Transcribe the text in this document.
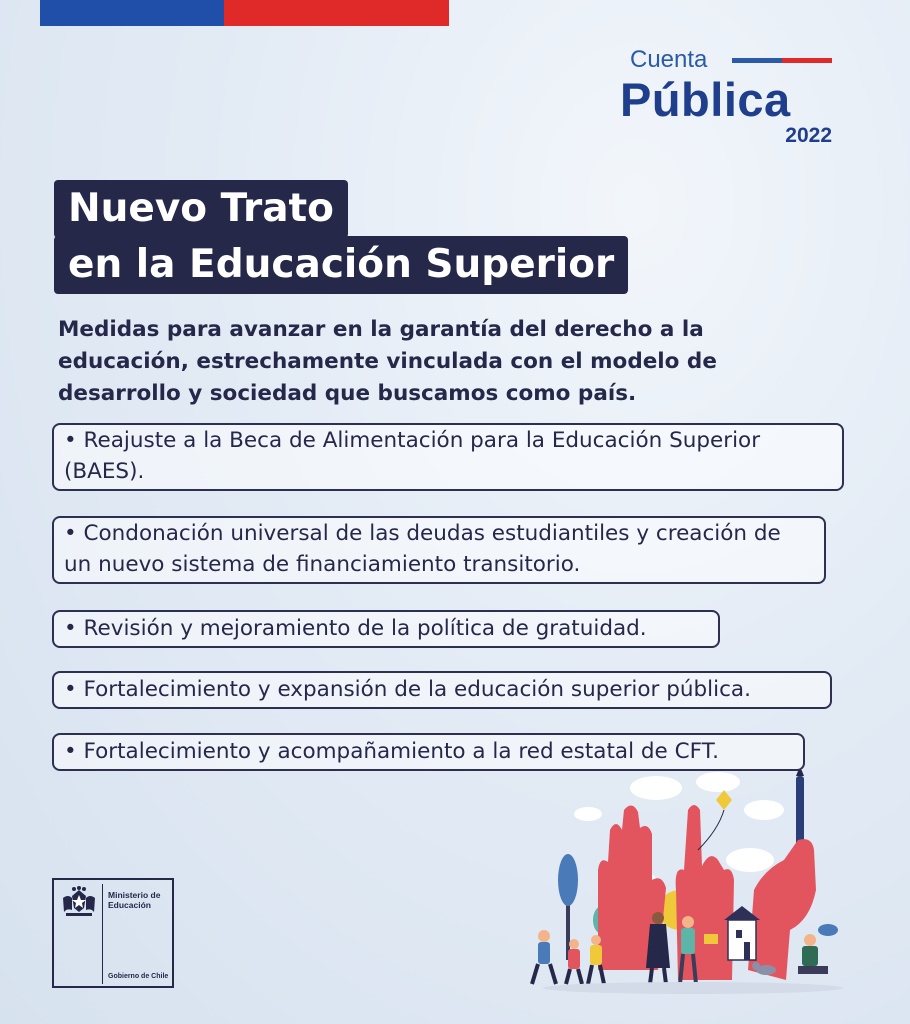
Cuenta
Pública
2022
Nuevo Trato
en la Educación Superior
Medidas para avanzar en la garantía del derecho a la educación, estrechamente vinculada con el modelo de desarrollo y sociedad que buscamos como país.
• Reajuste a la Beca de Alimentación para la Educación Superior (BAES).
• Condonación universal de las deudas estudiantiles y creación de un nuevo sistema de financiamiento transitorio.
• Revisión y mejoramiento de la política de gratuidad.
• Fortalecimiento y expansión de la educación superior pública.
• Fortalecimiento y acompañamiento a la red estatal de CFT.
Ministerio de Educación
Gobierno de Chile
